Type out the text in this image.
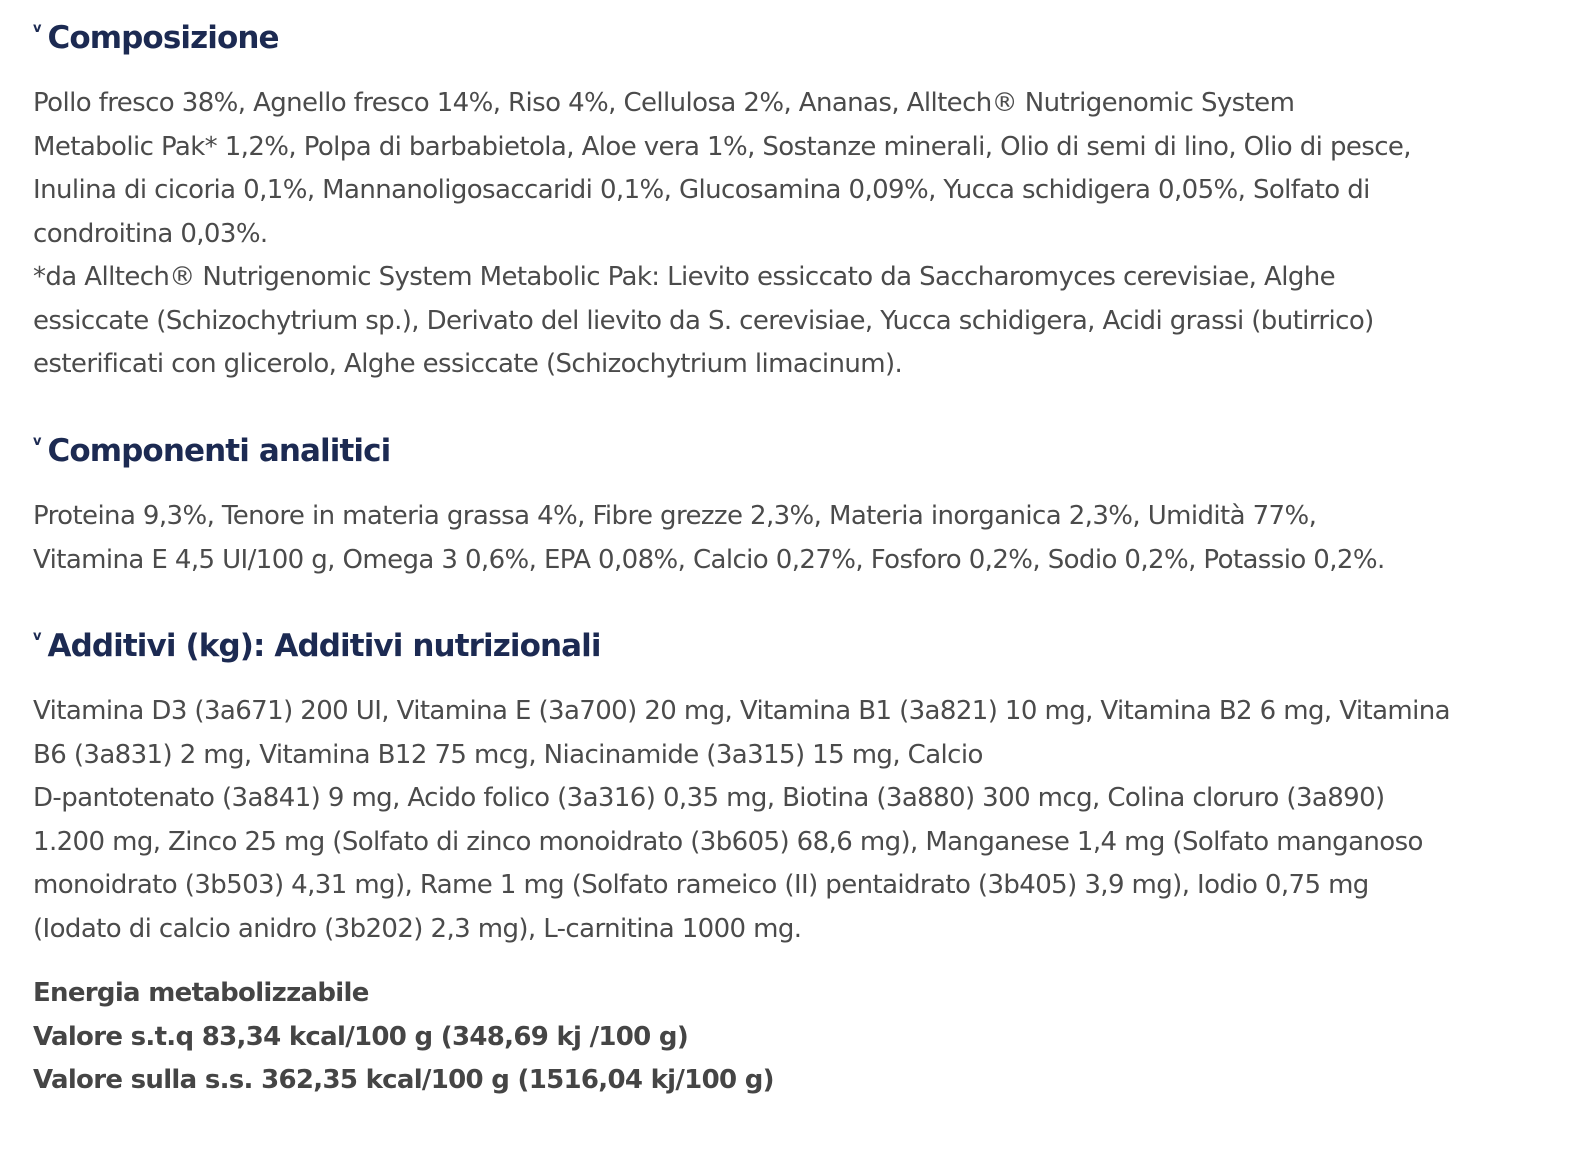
v Composizione
Pollo fresco 38%, Agnello fresco 14%, Riso 4%, Cellulosa 2%, Ananas, Alltech® Nutrigenomic System
Metabolic Pak* 1,2%, Polpa di barbabietola, Aloe vera 1%, Sostanze minerali, Olio di semi di lino, Olio di pesce,
Inulina di cicoria 0,1%, Mannanoligosaccaridi 0,1%, Glucosamina 0,09%, Yucca schidigera 0,05%, Solfato di
condroitina 0,03%.
*da Alltech® Nutrigenomic System Metabolic Pak: Lievito essiccato da Saccharomyces cerevisiae, Alghe
essiccate (Schizochytrium sp.), Derivato del lievito da S. cerevisiae, Yucca schidigera, Acidi grassi (butirrico)
esterificati con glicerolo, Alghe essiccate (Schizochytrium limacinum).
v Componenti analitici
Proteina 9,3%, Tenore in materia grassa 4%, Fibre grezze 2,3%, Materia inorganica 2,3%, Umidità 77%,
Vitamina E 4,5 UI/100 g, Omega 3 0,6%, EPA 0,08%, Calcio 0,27%, Fosforo 0,2%, Sodio 0,2%, Potassio 0,2%.
v Additivi (kg): Additivi nutrizionali
Vitamina D3 (3a671) 200 UI, Vitamina E (3a700) 20 mg, Vitamina B1 (3a821) 10 mg, Vitamina B2 6 mg, Vitamina
B6 (3a831) 2 mg, Vitamina B12 75 mcg, Niacinamide (3a315) 15 mg, Calcio
D-pantotenato (3a841) 9 mg, Acido folico (3a316) 0,35 mg, Biotina (3a880) 300 mcg, Colina cloruro (3a890)
1.200 mg, Zinco 25 mg (Solfato di zinco monoidrato (3b605) 68,6 mg), Manganese 1,4 mg (Solfato manganoso
monoidrato (3b503) 4,31 mg), Rame 1 mg (Solfato rameico (II) pentaidrato (3b405) 3,9 mg), Iodio 0,75 mg
(Iodato di calcio anidro (3b202) 2,3 mg), L-carnitina 1000 mg.
Energia metabolizzabile
Valore s.t.q 83,34 kcal/100 g (348,69 kj /100 g)
Valore sulla s.s. 362,35 kcal/100 g (1516,04 kj/100 g)
